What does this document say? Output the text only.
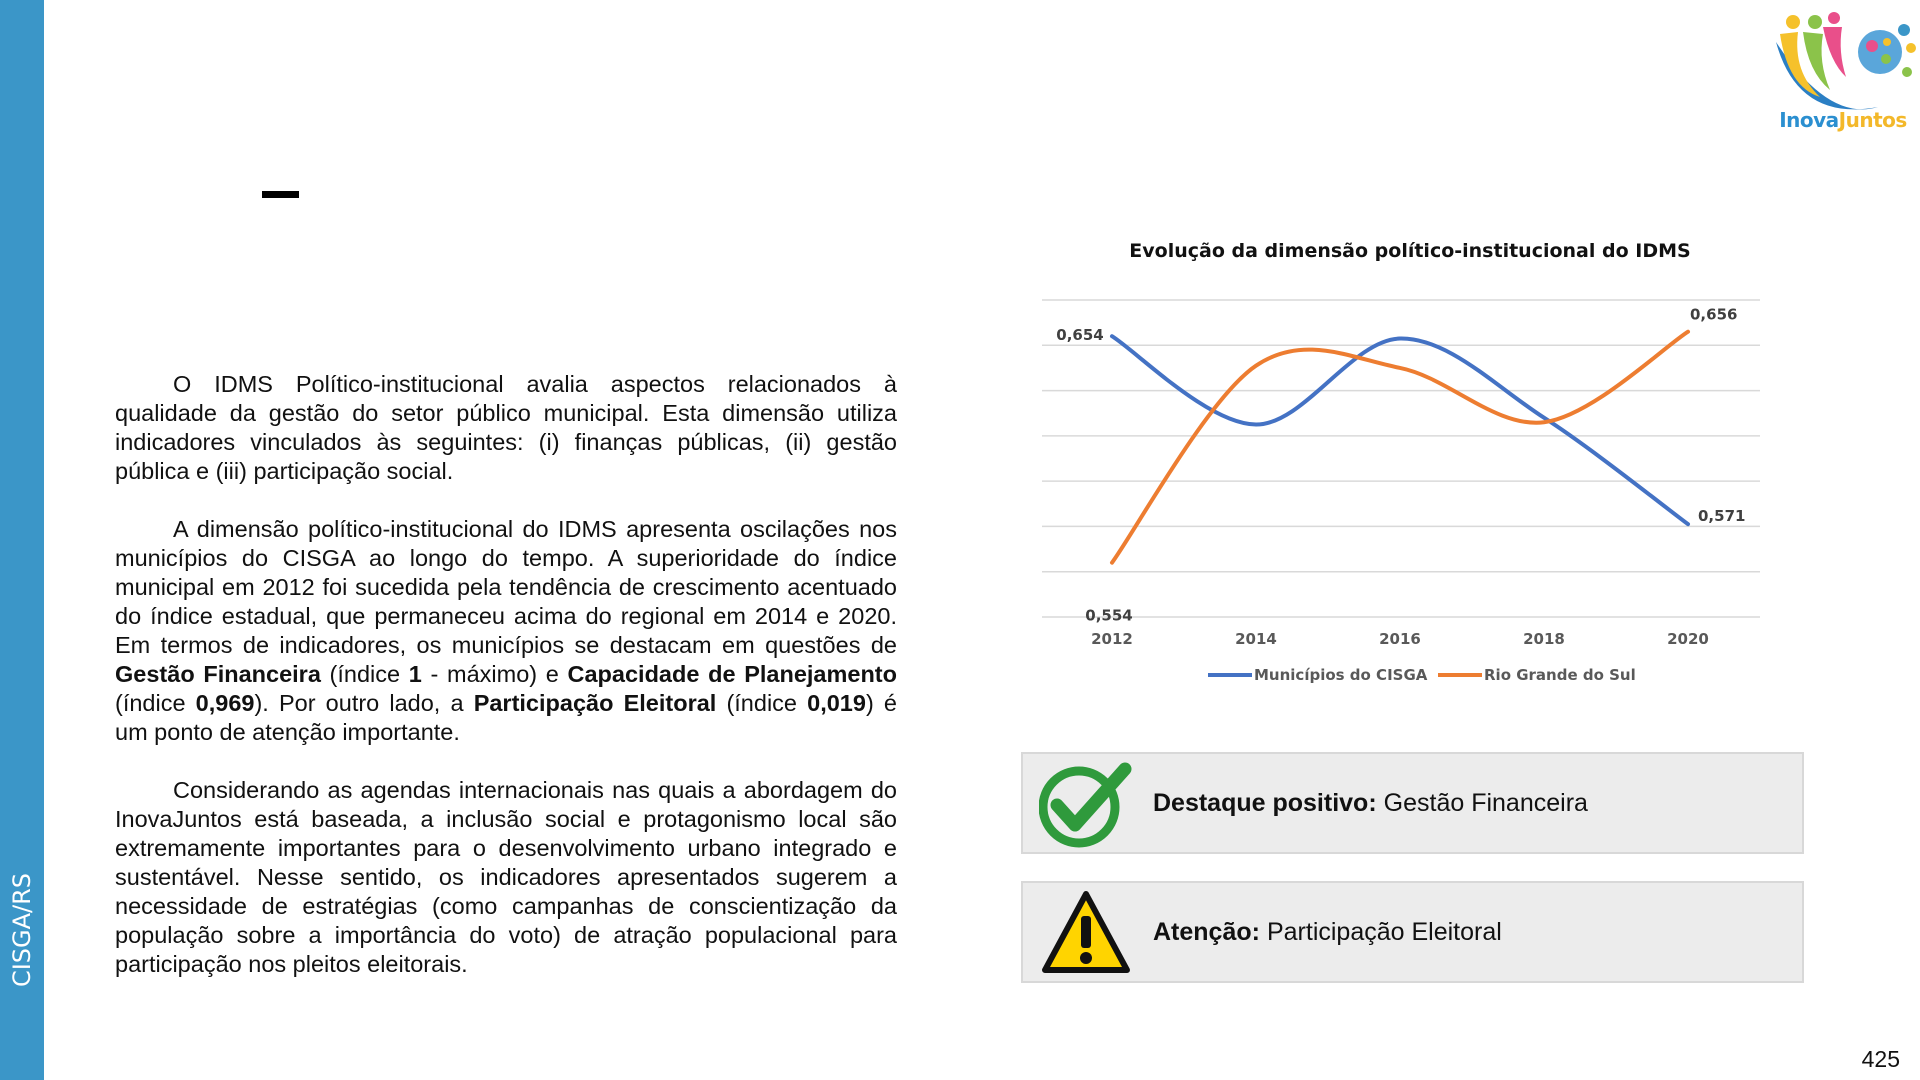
CISGA/RS
InovaJuntos

O IDMS Político-institucional avalia aspectos relacionados à qualidade da gestão do setor público municipal. Esta dimensão utiliza indicadores vinculados às seguintes: (i) finanças públicas, (ii) gestão pública e (iii) participação social.

A dimensão político-institucional do IDMS apresenta oscilações nos municípios do CISGA ao longo do tempo. A superioridade do índice municipal em 2012 foi sucedida pela tendência de crescimento acentuado do índice estadual, que permaneceu acima do regional em 2014 e 2020. Em termos de indicadores, os municípios se destacam em questões de Gestão Financeira (índice 1 - máximo) e Capacidade de Planejamento (índice 0,969). Por outro lado, a Participação Eleitoral (índice 0,019) é um ponto de atenção importante.

Considerando as agendas internacionais nas quais a abordagem do InovaJuntos está baseada, a inclusão social e protagonismo local são extremamente importantes para o desenvolvimento urbano integrado e sustentável. Nesse sentido, os indicadores apresentados sugerem a necessidade de estratégias (como campanhas de conscientização da população sobre a importância do voto) de atração populacional para participação nos pleitos eleitorais.

Evolução da dimensão político-institucional do IDMS
2012	2014	2016	2018	2020
0,654
0,571
0,554
0,656
Municípios do CISGA	Rio Grande do Sul
Destaque positivo: Gestão Financeira
Atenção: Participação Eleitoral
425
